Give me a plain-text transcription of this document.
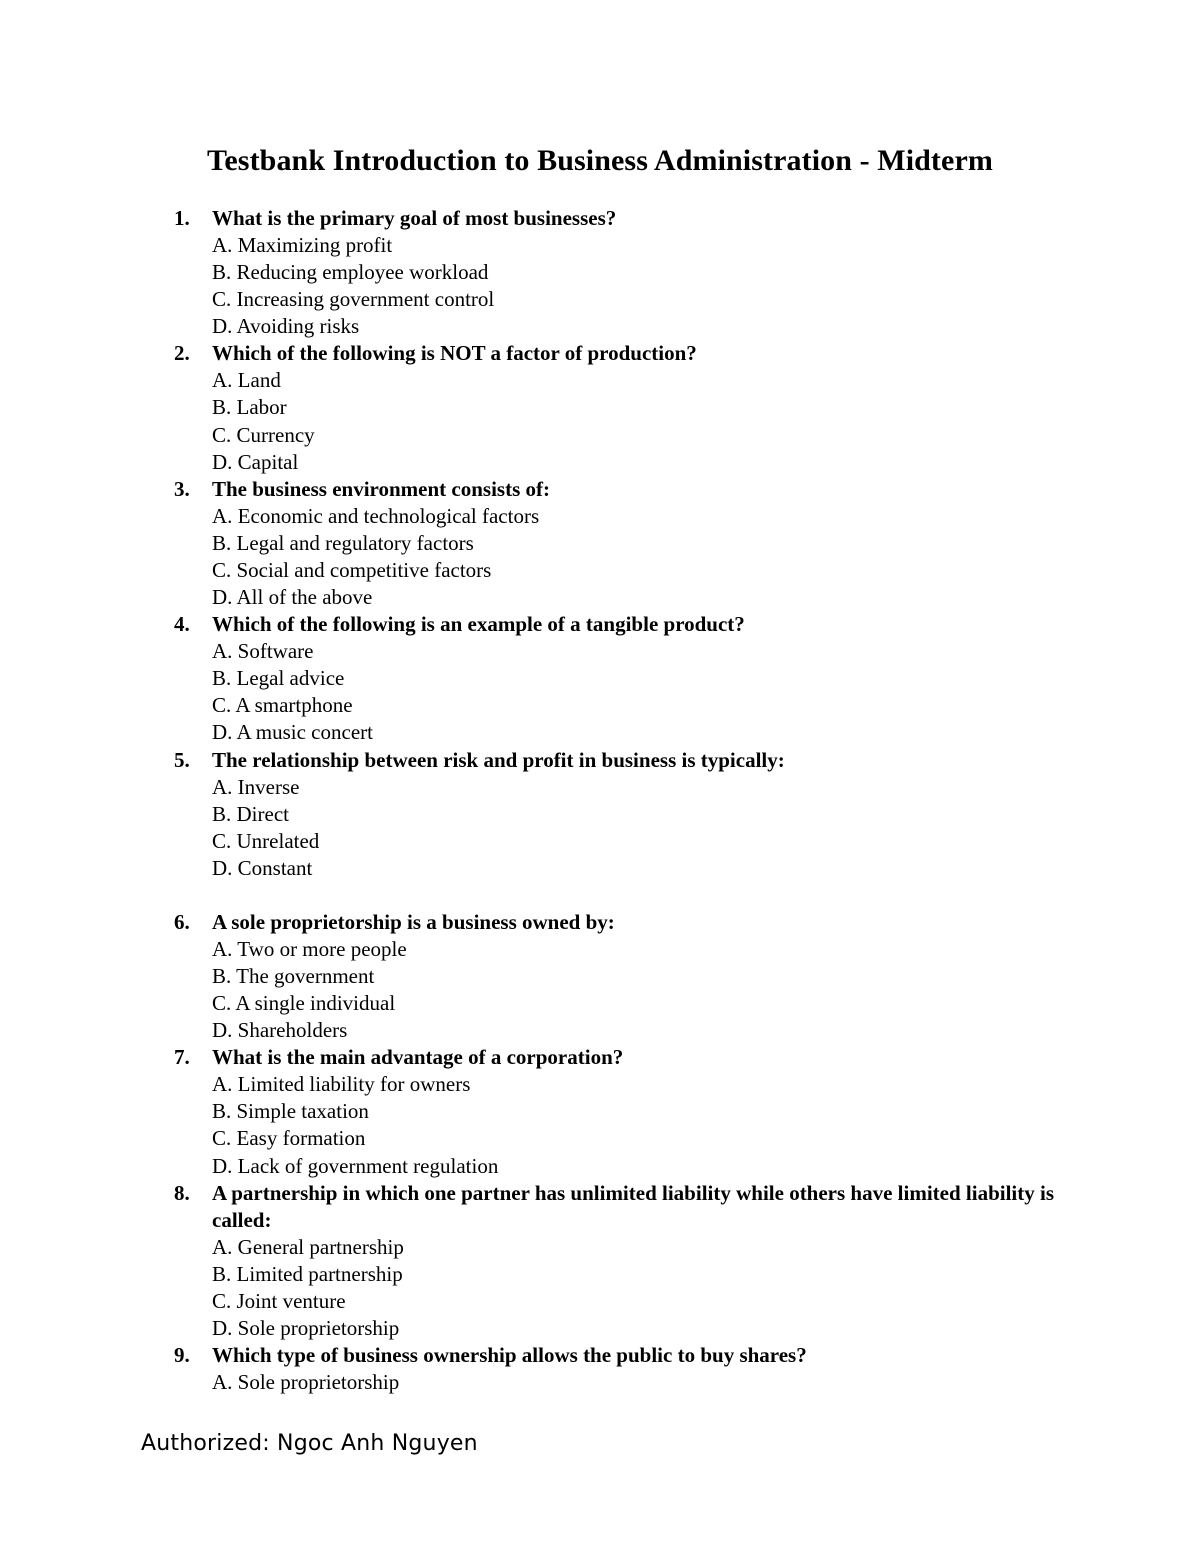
Testbank Introduction to Business Administration - Midterm
1. What is the primary goal of most businesses?
A. Maximizing profit
B. Reducing employee workload
C. Increasing government control
D. Avoiding risks
2. Which of the following is NOT a factor of production?
A. Land
B. Labor
C. Currency
D. Capital
3. The business environment consists of:
A. Economic and technological factors
B. Legal and regulatory factors
C. Social and competitive factors
D. All of the above
4. Which of the following is an example of a tangible product?
A. Software
B. Legal advice
C. A smartphone
D. A music concert
5. The relationship between risk and profit in business is typically:
A. Inverse
B. Direct
C. Unrelated
D. Constant
6. A sole proprietorship is a business owned by:
A. Two or more people
B. The government
C. A single individual
D. Shareholders
7. What is the main advantage of a corporation?
A. Limited liability for owners
B. Simple taxation
C. Easy formation
D. Lack of government regulation
8. A partnership in which one partner has unlimited liability while others have limited liability is called:
A. General partnership
B. Limited partnership
C. Joint venture
D. Sole proprietorship
9. Which type of business ownership allows the public to buy shares?
A. Sole proprietorship
Authorized: Ngoc Anh Nguyen
